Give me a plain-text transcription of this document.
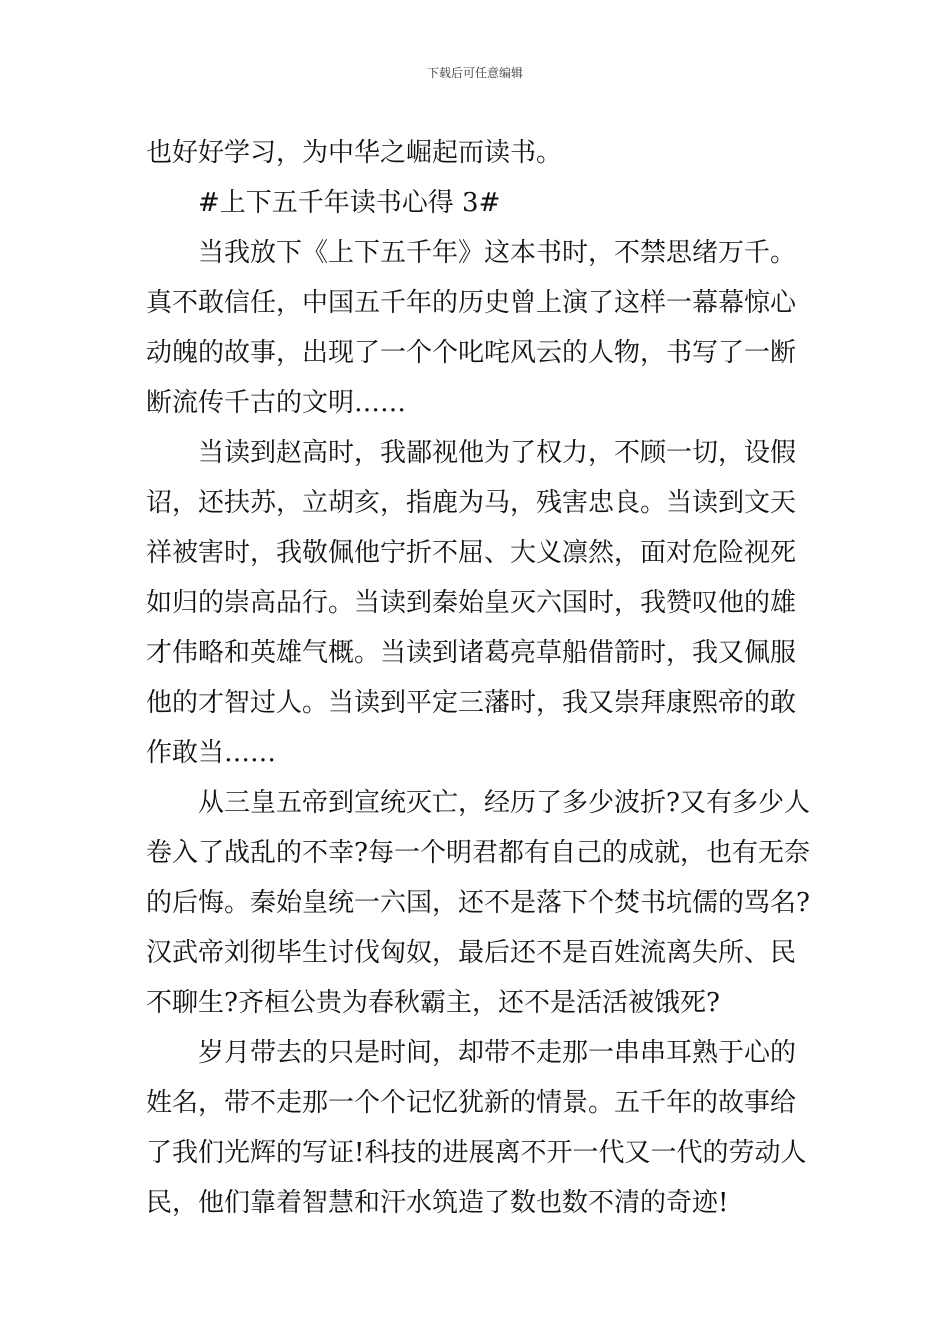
下载后可任意编辑
也好好学习，为中华之崛起而读书。
#上下五千年读书心得 3#
当我放下《上下五千年》这本书时，不禁思绪万千。
真不敢信任，中国五千年的历史曾上演了这样一幕幕惊心
动魄的故事，出现了一个个叱咤风云的人物，书写了一断
断流传千古的文明……
当读到赵高时，我鄙视他为了权力，不顾一切，设假
诏，还扶苏，立胡亥，指鹿为马，残害忠良。当读到文天
祥被害时，我敬佩他宁折不屈、大义凛然，面对危险视死
如归的崇高品行。当读到秦始皇灭六国时，我赞叹他的雄
才伟略和英雄气概。当读到诸葛亮草船借箭时，我又佩服
他的才智过人。当读到平定三藩时，我又崇拜康熙帝的敢
作敢当……
从三皇五帝到宣统灭亡，经历了多少波折?又有多少人
卷入了战乱的不幸?每一个明君都有自己的成就，也有无奈
的后悔。秦始皇统一六国，还不是落下个焚书坑儒的骂名?
汉武帝刘彻毕生讨伐匈奴，最后还不是百姓流离失所、民
不聊生?齐桓公贵为春秋霸主，还不是活活被饿死?
岁月带去的只是时间，却带不走那一串串耳熟于心的
姓名，带不走那一个个记忆犹新的情景。五千年的故事给
了我们光辉的写证!科技的进展离不开一代又一代的劳动人
民，他们靠着智慧和汗水筑造了数也数不清的奇迹!
